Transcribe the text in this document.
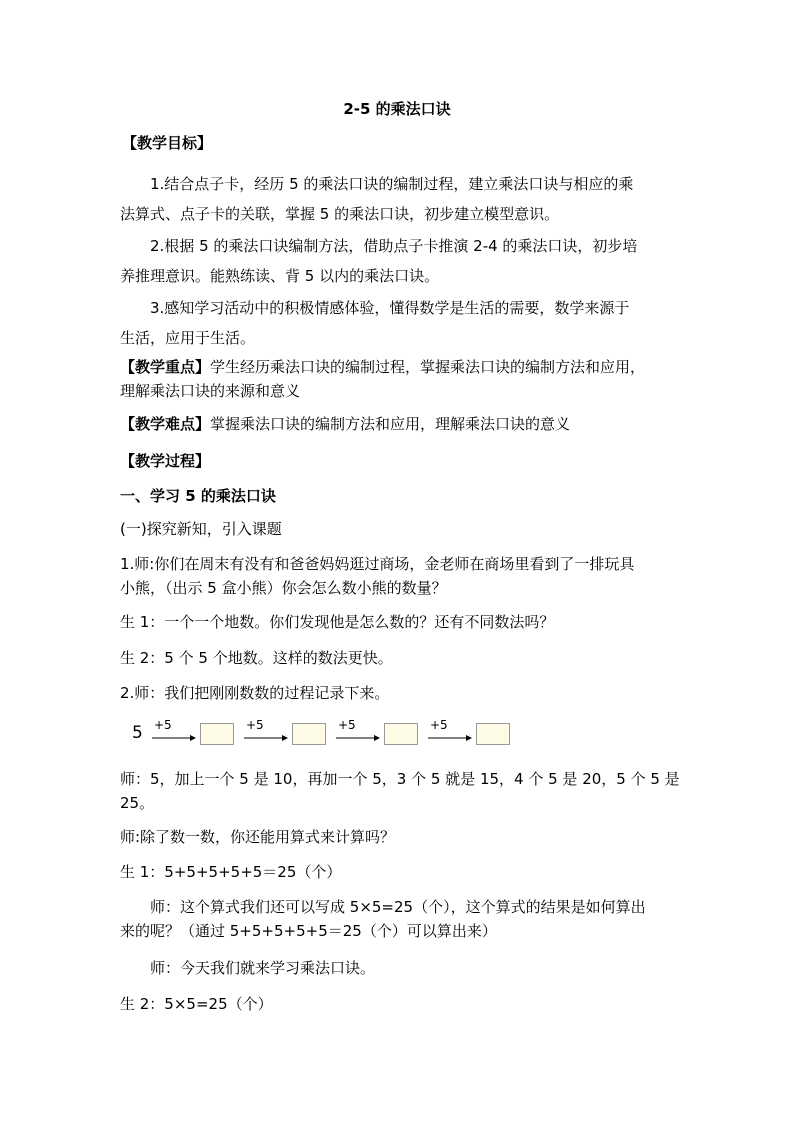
2-5 的乘法口诀
【教学目标】
1.结合点子卡，经历 5 的乘法口诀的编制过程，建立乘法口诀与相应的乘
法算式、点子卡的关联，掌握 5 的乘法口诀，初步建立模型意识。
2.根据 5 的乘法口诀编制方法，借助点子卡推演 2-4 的乘法口诀，初步培
养推理意识。能熟练读、背 5 以内的乘法口诀。
3.感知学习活动中的积极情感体验，懂得数学是生活的需要，数学来源于
生活，应用于生活。
【教学重点】学生经历乘法口诀的编制过程，掌握乘法口诀的编制方法和应用，
理解乘法口诀的来源和意义
【教学难点】掌握乘法口诀的编制方法和应用，理解乘法口诀的意义
【教学过程】
一、学习 5 的乘法口诀
(一)探究新知，引入课题
1.师:你们在周末有没有和爸爸妈妈逛过商场，金老师在商场里看到了一排玩具
小熊，（出示 5 盒小熊）你会怎么数小熊的数量？
生 1：一个一个地数。你们发现他是怎么数的？还有不同数法吗？
生 2：5 个 5 个地数。这样的数法更快。
2.师：我们把刚刚数数的过程记录下来。
5 +5	+5	+5	+5
师：5，加上一个 5 是 10，再加一个 5，3 个 5 就是 15，4 个 5 是 20，5 个 5 是
25。
师:除了数一数，你还能用算式来计算吗？
生 1：5+5+5+5+5＝25（个）
师：这个算式我们还可以写成 5×5=25（个），这个算式的结果是如何算出
来的呢？（通过 5+5+5+5+5＝25（个）可以算出来）
师：今天我们就来学习乘法口诀。
生 2：5×5=25（个）
